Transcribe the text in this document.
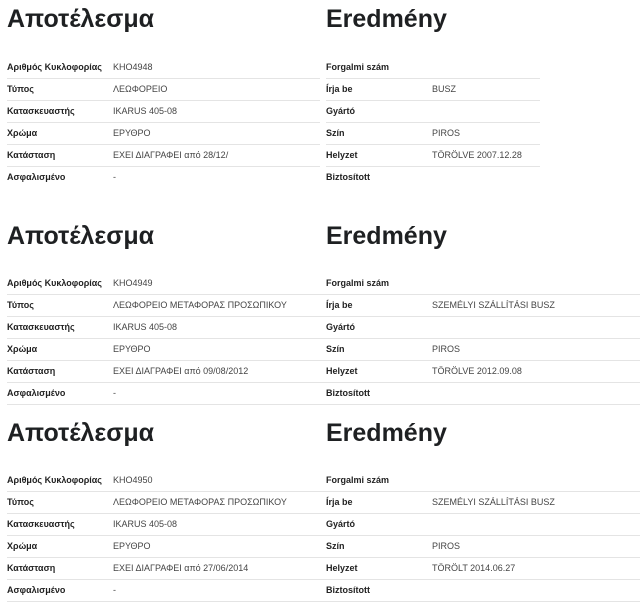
Αποτέλεσμα
Αριθμός Κυκλοφορίας ΚΗΟ4948
Τύπος	ΛΕΩΦΟΡΕΙΟ
Κατασκευαστής	IKARUS 405-08
Χρώμα	ΕΡΥΘΡΟ
Κατάσταση	ΕΧΕΙ ΔΙΑΓΡΑΦΕΙ από 28/12/
Ασφαλισμένο	-
Eredmény
Forgalmi szám
Írja be	BUSZ
Gyártó
Szín	PIROS
Helyzet	TÖRÖLVE 2007.12.28
Biztosított
Αποτέλεσμα
Αριθμός Κυκλοφορίας ΚΗΟ4949
Τύπος	ΛΕΩΦΟΡΕΙΟ ΜΕΤΑΦΟΡΑΣ ΠΡΟΣΩΠΙΚΟΥ
Κατασκευαστής	IKARUS 405-08
Χρώμα	ΕΡΥΘΡΟ
Κατάσταση	ΕΧΕΙ ΔΙΑΓΡΑΦΕΙ από 09/08/2012
Ασφαλισμένο	-
Eredmény
Forgalmi szám
Írja be	SZEMÉLYI SZÁLLÍTÁSI BUSZ
Gyártó
Szín	PIROS
Helyzet	TÖRÖLVE 2012.09.08
Biztosított
Αποτέλεσμα
Αριθμός Κυκλοφορίας ΚΗΟ4950
Τύπος	ΛΕΩΦΟΡΕΙΟ ΜΕΤΑΦΟΡΑΣ ΠΡΟΣΩΠΙΚΟΥ
Κατασκευαστής	IKARUS 405-08
Χρώμα	ΕΡΥΘΡΟ
Κατάσταση	ΕΧΕΙ ΔΙΑΓΡΑΦΕΙ από 27/06/2014
Ασφαλισμένο	-
Eredmény
Forgalmi szám
Írja be	SZEMÉLYI SZÁLLÍTÁSI BUSZ
Gyártó
Szín	PIROS
Helyzet	TÖRÖLT 2014.06.27
Biztosított
